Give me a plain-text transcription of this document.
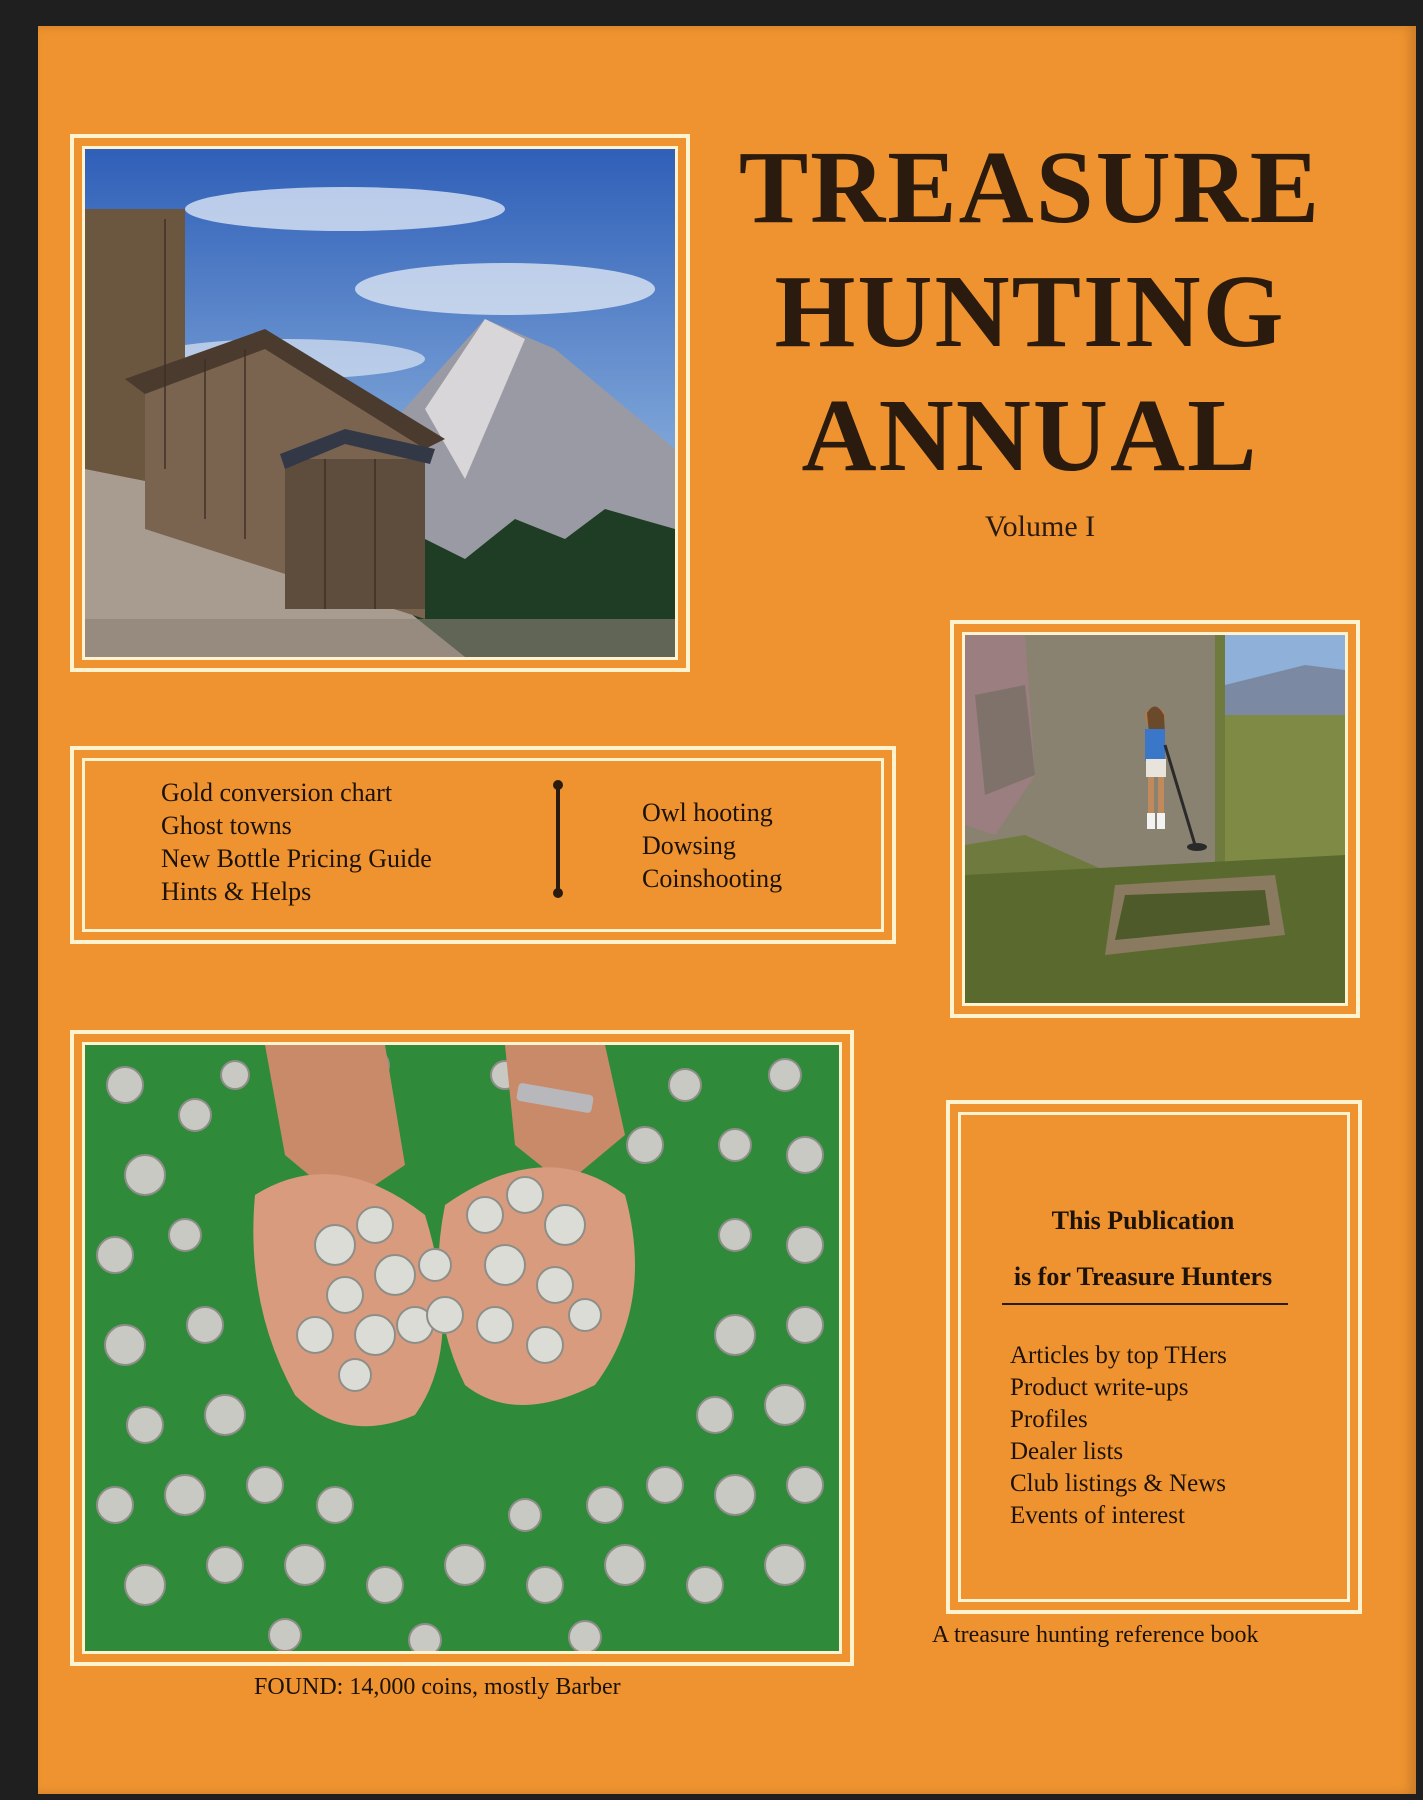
TREASURE
HUNTING
ANNUAL
Volume I
Gold conversion chart
Ghost towns
New Bottle Pricing Guide
Hints & Helps
Owl hooting
Dowsing
Coinshooting
FOUND: 14,000 coins, mostly Barber
This Publication
is for Treasure Hunters
Articles by top THers
Product write-ups
Profiles
Dealer lists
Club listings & News
Events of interest
A treasure hunting reference book
